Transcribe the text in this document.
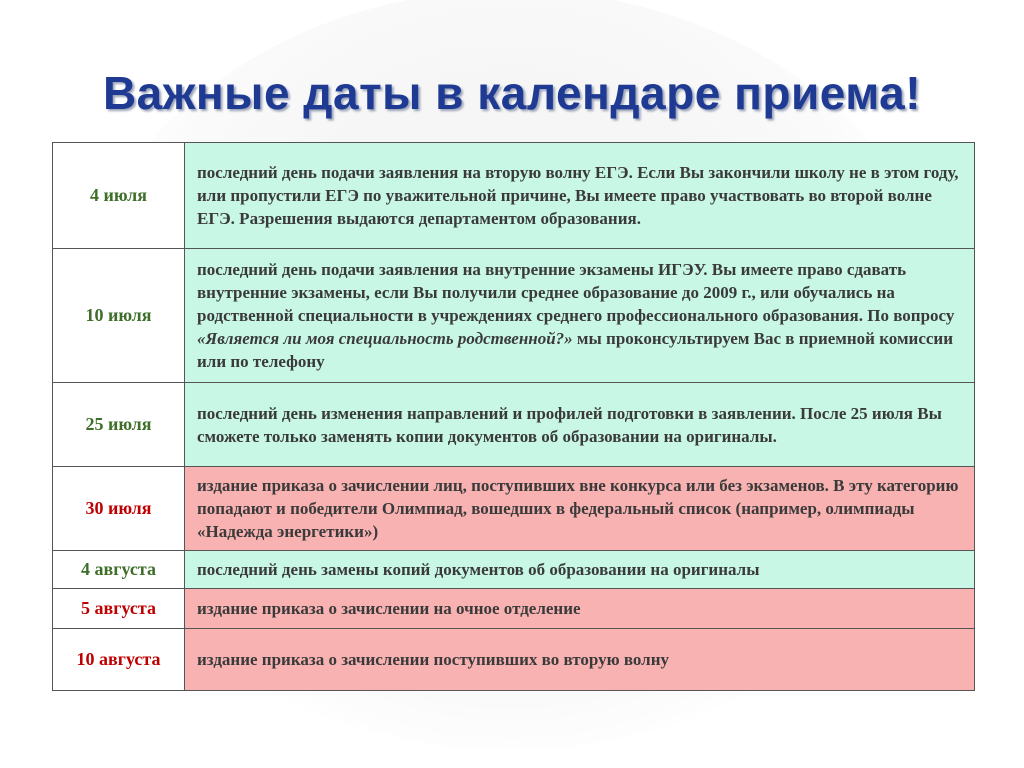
Важные даты в календаре приема!
4 июля	последний день подачи заявления на вторую волну ЕГЭ. Если Вы закончили школу не в этом году, или пропустили ЕГЭ по уважительной причине, Вы имеете право участвовать во второй волне ЕГЭ. Разрешения выдаются департаментом образования.
10 июля	последний день подачи заявления на внутренние экзамены ИГЭУ. Вы имеете право сдавать внутренние экзамены, если Вы получили среднее образование до 2009 г., или обучались на родственной специальности в учреждениях среднего профессионального образования. По вопросу «Является ли моя специальность родственной?» мы проконсультируем Вас в приемной комиссии или по телефону
25 июля	последний день изменения направлений и профилей подготовки в заявлении. После 25 июля Вы сможете только заменять копии документов об образовании на оригиналы.
30 июля	издание приказа о зачислении лиц, поступивших вне конкурса или без экзаменов. В эту категорию попадают и победители Олимпиад, вошедших в федеральный список (например, олимпиады «Надежда энергетики»)
4 августа	последний день замены копий документов об образовании на оригиналы
5 августа	издание приказа о зачислении на очное отделение
10 августа	издание приказа о зачислении поступивших во вторую волну
